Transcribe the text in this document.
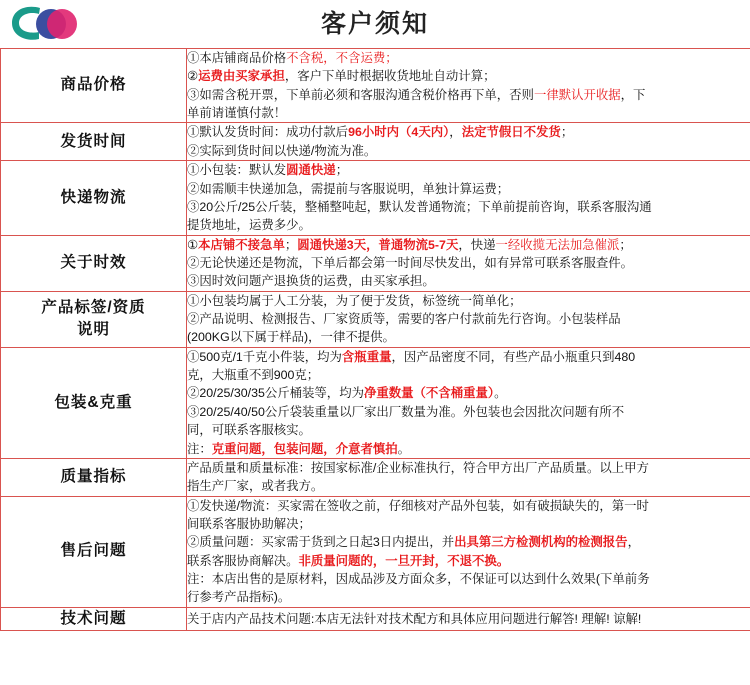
客户须知
商品价格	①本店铺商品价格不含税，不含运费；
②运费由买家承担，客户下单时根据收货地址自动计算；
③如需含税开票，下单前必须和客服沟通含税价格再下单，否则一律默认开收据，下
单前请谨慎付款！

发货时间	①默认发货时间：成功付款后96小时内（4天内），法定节假日不发货；
②实际到货时间以快递/物流为准。

快递物流	①小包装：默认发圆通快递；
②如需顺丰快递加急，需提前与客服说明，单独计算运费；
③20公斤/25公斤装，整桶整吨起，默认发普通物流；下单前提前咨询，联系客服沟通
提货地址，运费多少。

关于时效	①本店铺不接急单；圆通快递3天，普通物流5-7天，快递一经收揽无法加急催派；
②无论快递还是物流，下单后都会第一时间尽快发出，如有异常可联系客服查件。
③因时效问题产退换货的运费，由买家承担。

产品标签/资质
说明	①小包装均属于人工分装，为了便于发货，标签统一简单化；
②产品说明、检测报告、厂家资质等，需要的客户付款前先行咨询。小包装样品
(200KG以下属于样品)，一律不提供。

包装&克重	
①500克/1千克小件装，均为含瓶重量，因产品密度不同，有些产品小瓶重只到480
克，大瓶重不到900克；
②20/25/30/35公斤桶装等，均为净重数量（不含桶重量）。
③20/25/40/50公斤袋装重量以厂家出厂数量为准。外包装也会因批次问题有所不
同，可联系客服核实。
注：克重问题，包装问题，介意者慎拍。

质量指标	产品质量和质量标准：按国家标准/企业标准执行，符合甲方出厂产品质量。以上甲方
指生产厂家，或者我方。

售后问题	
①发快递/物流：买家需在签收之前，仔细核对产品外包装，如有破损缺失的，第一时
间联系客服协助解决；
②质量问题：买家需于货到之日起3日内提出，并出具第三方检测机构的检测报告，
联系客服协商解决。非质量问题的，一旦开封，不退不换。
注：本店出售的是原材料，因成品涉及方面众多，不保证可以达到什么效果(下单前务
行参考产品指标)。

技术问题	关于店内产品技术问题:本店无法针对技术配方和具体应用问题进行解答! 理解! 谅解!
